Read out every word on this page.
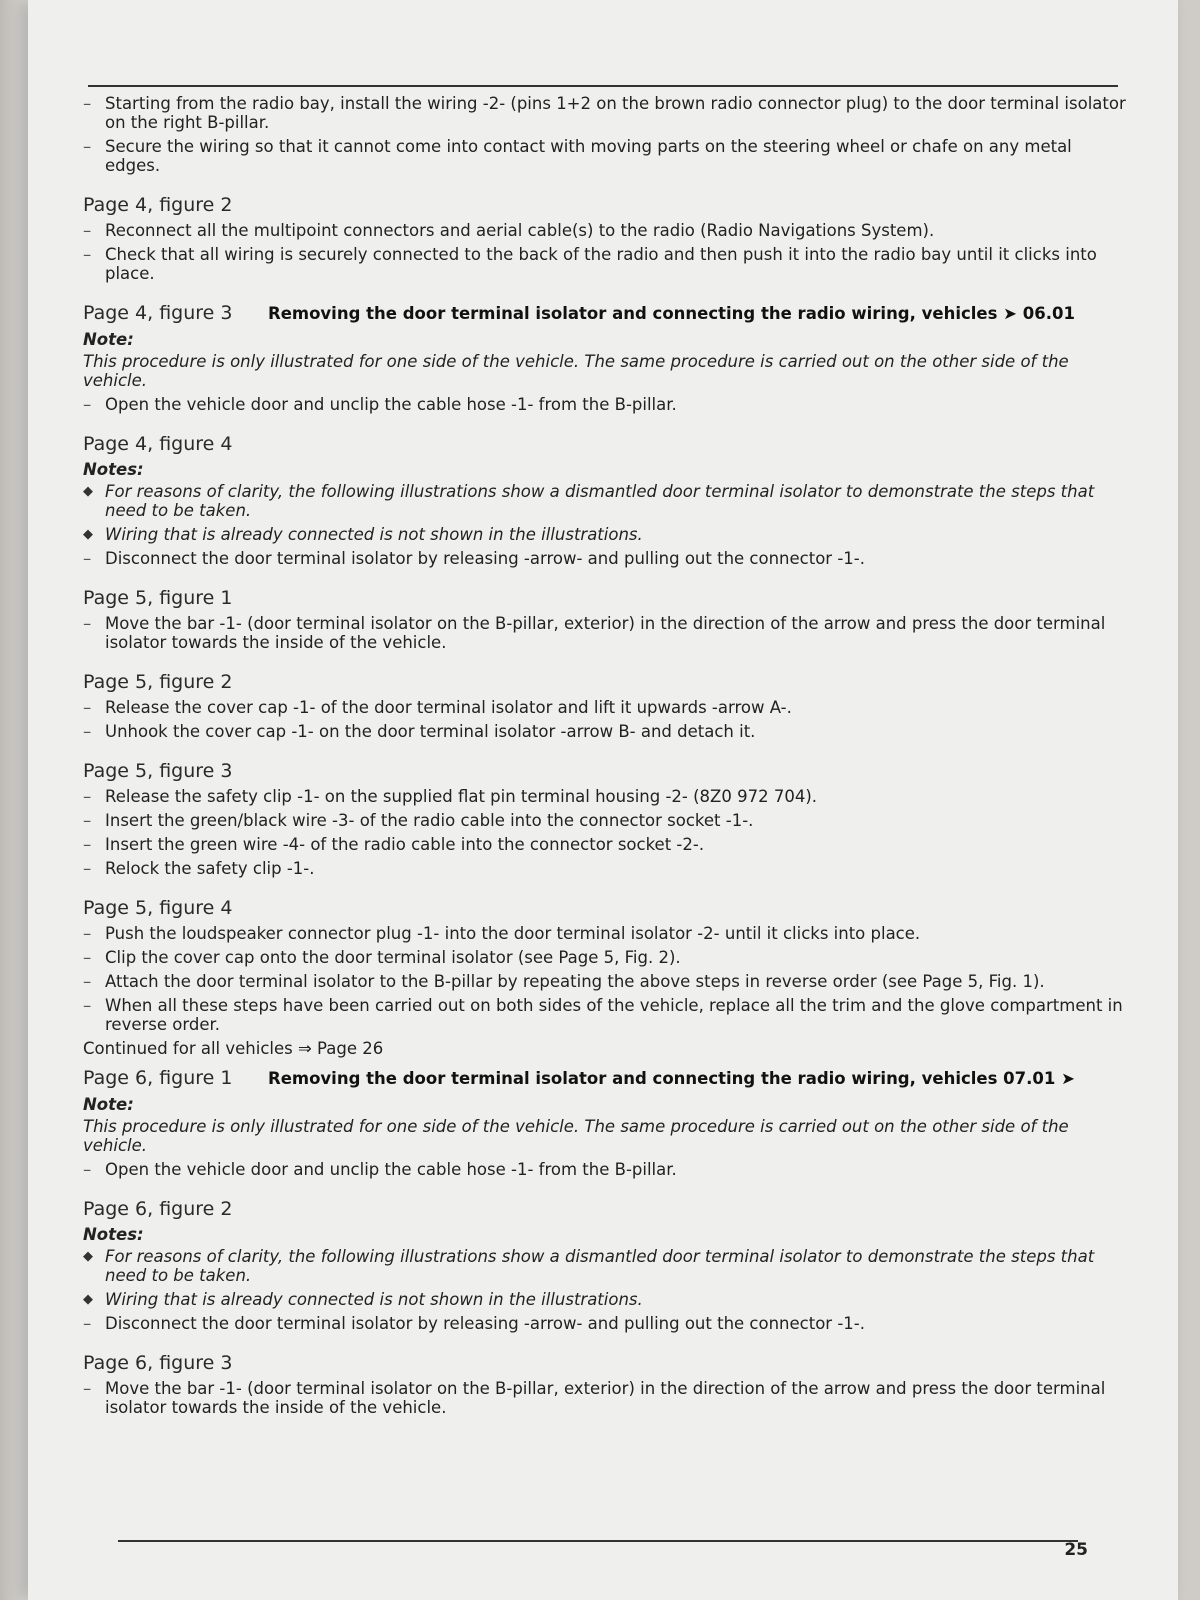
– Starting from the radio bay, install the wiring -2- (pins 1+2 on the brown radio connector plug) to the door terminal isolator on the right B-pillar.
– Secure the wiring so that it cannot come into contact with moving parts on the steering wheel or chafe on any metal edges.
Page 4, figure 2
– Reconnect all the multipoint connectors and aerial cable(s) to the radio (Radio Navigations System).
– Check that all wiring is securely connected to the back of the radio and then push it into the radio bay until it clicks into place.
Page 4, figure 3	Removing the door terminal isolator and connecting the radio wiring, vehicles ➤ 06.01
Note:
This procedure is only illustrated for one side of the vehicle. The same procedure is carried out on the other side of the vehicle.
– Open the vehicle door and unclip the cable hose -1- from the B-pillar.
Page 4, figure 4
Notes:
◆ For reasons of clarity, the following illustrations show a dismantled door terminal isolator to demonstrate the steps that need to be taken.
◆ Wiring that is already connected is not shown in the illustrations.
– Disconnect the door terminal isolator by releasing -arrow- and pulling out the connector -1-.
Page 5, figure 1
– Move the bar -1- (door terminal isolator on the B-pillar, exterior) in the direction of the arrow and press the door terminal isolator towards the inside of the vehicle.
Page 5, figure 2
– Release the cover cap -1- of the door terminal isolator and lift it upwards -arrow A-.
– Unhook the cover cap -1- on the door terminal isolator -arrow B- and detach it.
Page 5, figure 3
– Release the safety clip -1- on the supplied flat pin terminal housing -2- (8Z0 972 704).
– Insert the green/black wire -3- of the radio cable into the connector socket -1-.
– Insert the green wire -4- of the radio cable into the connector socket -2-.
– Relock the safety clip -1-.
Page 5, figure 4
– Push the loudspeaker connector plug -1- into the door terminal isolator -2- until it clicks into place.
– Clip the cover cap onto the door terminal isolator (see Page 5, Fig. 2).
– Attach the door terminal isolator to the B-pillar by repeating the above steps in reverse order (see Page 5, Fig. 1).
– When all these steps have been carried out on both sides of the vehicle, replace all the trim and the glove compartment in reverse order.
Continued for all vehicles ⇒ Page 26
Page 6, figure 1	Removing the door terminal isolator and connecting the radio wiring, vehicles 07.01 ➤
Note:
This procedure is only illustrated for one side of the vehicle. The same procedure is carried out on the other side of the vehicle.
– Open the vehicle door and unclip the cable hose -1- from the B-pillar.
Page 6, figure 2
Notes:
◆ For reasons of clarity, the following illustrations show a dismantled door terminal isolator to demonstrate the steps that need to be taken.
◆ Wiring that is already connected is not shown in the illustrations.
– Disconnect the door terminal isolator by releasing -arrow- and pulling out the connector -1-.
Page 6, figure 3
– Move the bar -1- (door terminal isolator on the B-pillar, exterior) in the direction of the arrow and press the door terminal isolator towards the inside of the vehicle.
25
